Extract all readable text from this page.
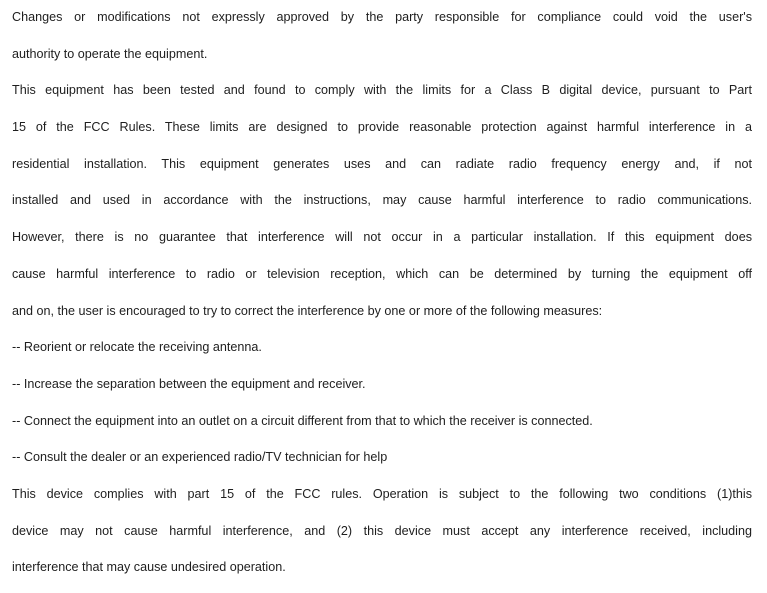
Changes or modifications not expressly approved by the party responsible for compliance could void the user's
authority to operate the equipment.
This equipment has been tested and found to comply with the limits for a Class B digital device, pursuant to Part
15 of the FCC Rules. These limits are designed to provide reasonable protection against harmful interference in a
residential installation. This equipment generates uses and can radiate radio frequency energy and, if not
installed and used in accordance with the instructions, may cause harmful interference to radio communications.
However, there is no guarantee that interference will not occur in a particular installation. If this equipment does
cause harmful interference to radio or television reception, which can be determined by turning the equipment off
and on, the user is encouraged to try to correct the interference by one or more of the following measures:
-- Reorient or relocate the receiving antenna.
-- Increase the separation between the equipment and receiver.
-- Connect the equipment into an outlet on a circuit different from that to which the receiver is connected.
-- Consult the dealer or an experienced radio/TV technician for help
This device complies with part 15 of the FCC rules. Operation is subject to the following two conditions (1)this
device may not cause harmful interference, and (2) this device must accept any interference received, including
interference that may cause undesired operation.
